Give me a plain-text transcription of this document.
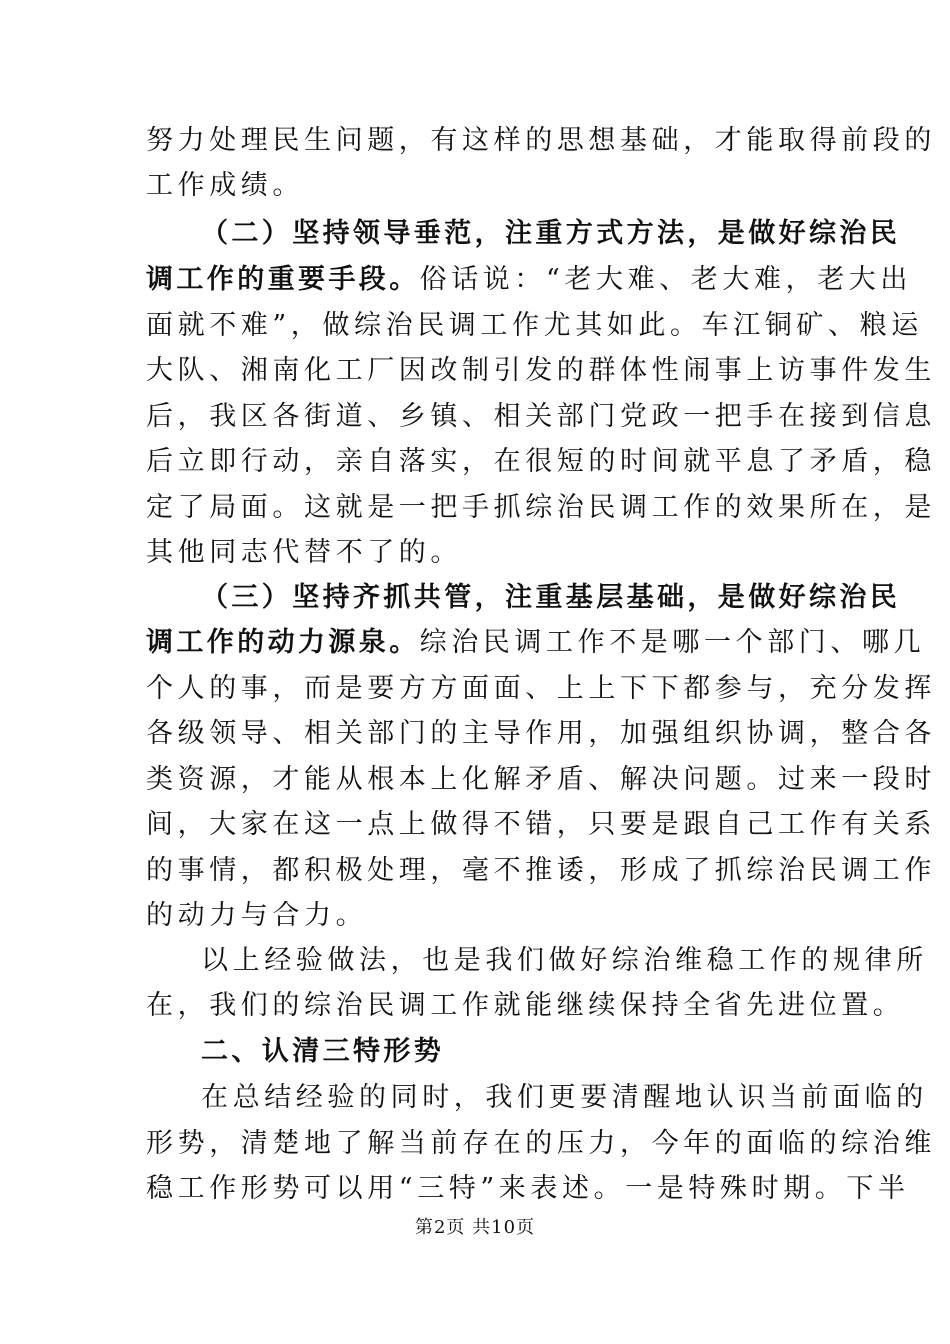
努力处理民生问题，有这样的思想基础，才能取得前段的
工作成绩。
（二）坚持领导垂范，注重方式方法，是做好综治民
调工作的重要手段。俗话说：“老大难、老大难，老大出
面就不难”，做综治民调工作尤其如此。车江铜矿、粮运
大队、湘南化工厂因改制引发的群体性闹事上访事件发生
后，我区各街道、乡镇、相关部门党政一把手在接到信息
后立即行动，亲自落实，在很短的时间就平息了矛盾，稳
定了局面。这就是一把手抓综治民调工作的效果所在，是
其他同志代替不了的。
（三）坚持齐抓共管，注重基层基础，是做好综治民
调工作的动力源泉。综治民调工作不是哪一个部门、哪几
个人的事，而是要方方面面、上上下下都参与，充分发挥
各级领导、相关部门的主导作用，加强组织协调，整合各
类资源，才能从根本上化解矛盾、解决问题。过来一段时
间，大家在这一点上做得不错，只要是跟自己工作有关系
的事情，都积极处理，毫不推诿，形成了抓综治民调工作
的动力与合力。
以上经验做法，也是我们做好综治维稳工作的规律所
在，我们的综治民调工作就能继续保持全省先进位置。
二、认清三特形势
在总结经验的同时，我们更要清醒地认识当前面临的
形势，清楚地了解当前存在的压力，今年的面临的综治维
稳工作形势可以用“三特”来表述。一是特殊时期。下半
第2页 共10页
